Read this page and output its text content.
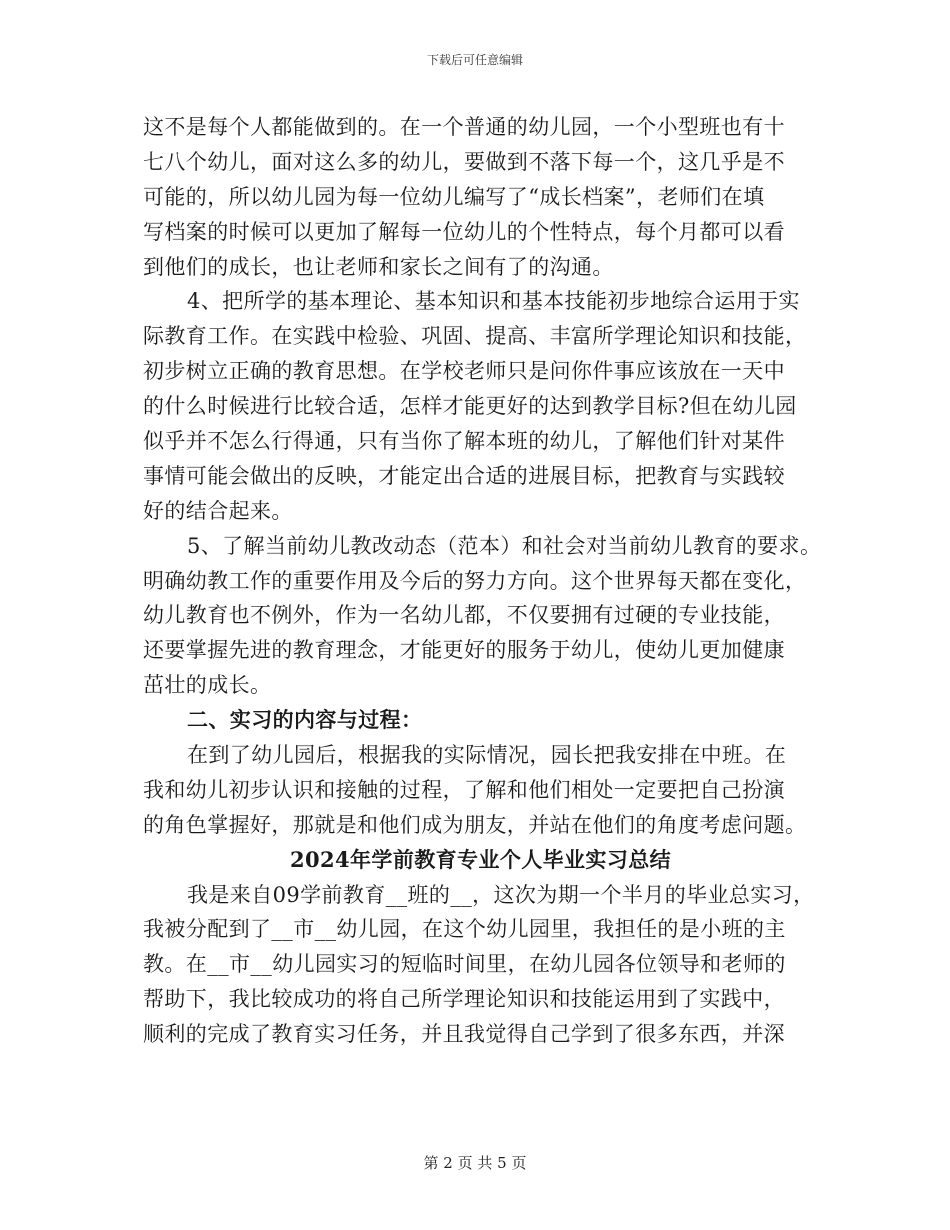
下载后可任意编辑
这不是每个人都能做到的。在一个普通的幼儿园，一个小型班也有十
七八个幼儿，面对这么多的幼儿，要做到不落下每一个，这几乎是不
可能的，所以幼儿园为每一位幼儿编写了“成长档案”，老师们在填
写档案的时候可以更加了解每一位幼儿的个性特点，每个月都可以看
到他们的成长，也让老师和家长之间有了的沟通。
4、把所学的基本理论、基本知识和基本技能初步地综合运用于实
际教育工作。在实践中检验、巩固、提高、丰富所学理论知识和技能，
初步树立正确的教育思想。在学校老师只是问你件事应该放在一天中
的什么时候进行比较合适，怎样才能更好的达到教学目标?但在幼儿园
似乎并不怎么行得通，只有当你了解本班的幼儿，了解他们针对某件
事情可能会做出的反映，才能定出合适的进展目标，把教育与实践较
好的结合起来。
5、了解当前幼儿教改动态（范本）和社会对当前幼儿教育的要求。
明确幼教工作的重要作用及今后的努力方向。这个世界每天都在变化，
幼儿教育也不例外，作为一名幼儿都，不仅要拥有过硬的专业技能，
还要掌握先进的教育理念，才能更好的服务于幼儿，使幼儿更加健康
茁壮的成长。
二、实习的内容与过程：
在到了幼儿园后，根据我的实际情况，园长把我安排在中班。在
我和幼儿初步认识和接触的过程，了解和他们相处一定要把自己扮演
的角色掌握好，那就是和他们成为朋友，并站在他们的角度考虑问题。
2024年学前教育专业个人毕业实习总结
我是来自09学前教育__班的__，这次为期一个半月的毕业总实习，
我被分配到了__市__幼儿园，在这个幼儿园里，我担任的是小班的主
教。在__市__幼儿园实习的短临时间里，在幼儿园各位领导和老师的
帮助下，我比较成功的将自己所学理论知识和技能运用到了实践中，
顺利的完成了教育实习任务，并且我觉得自己学到了很多东西，并深
第 2 页 共 5 页
